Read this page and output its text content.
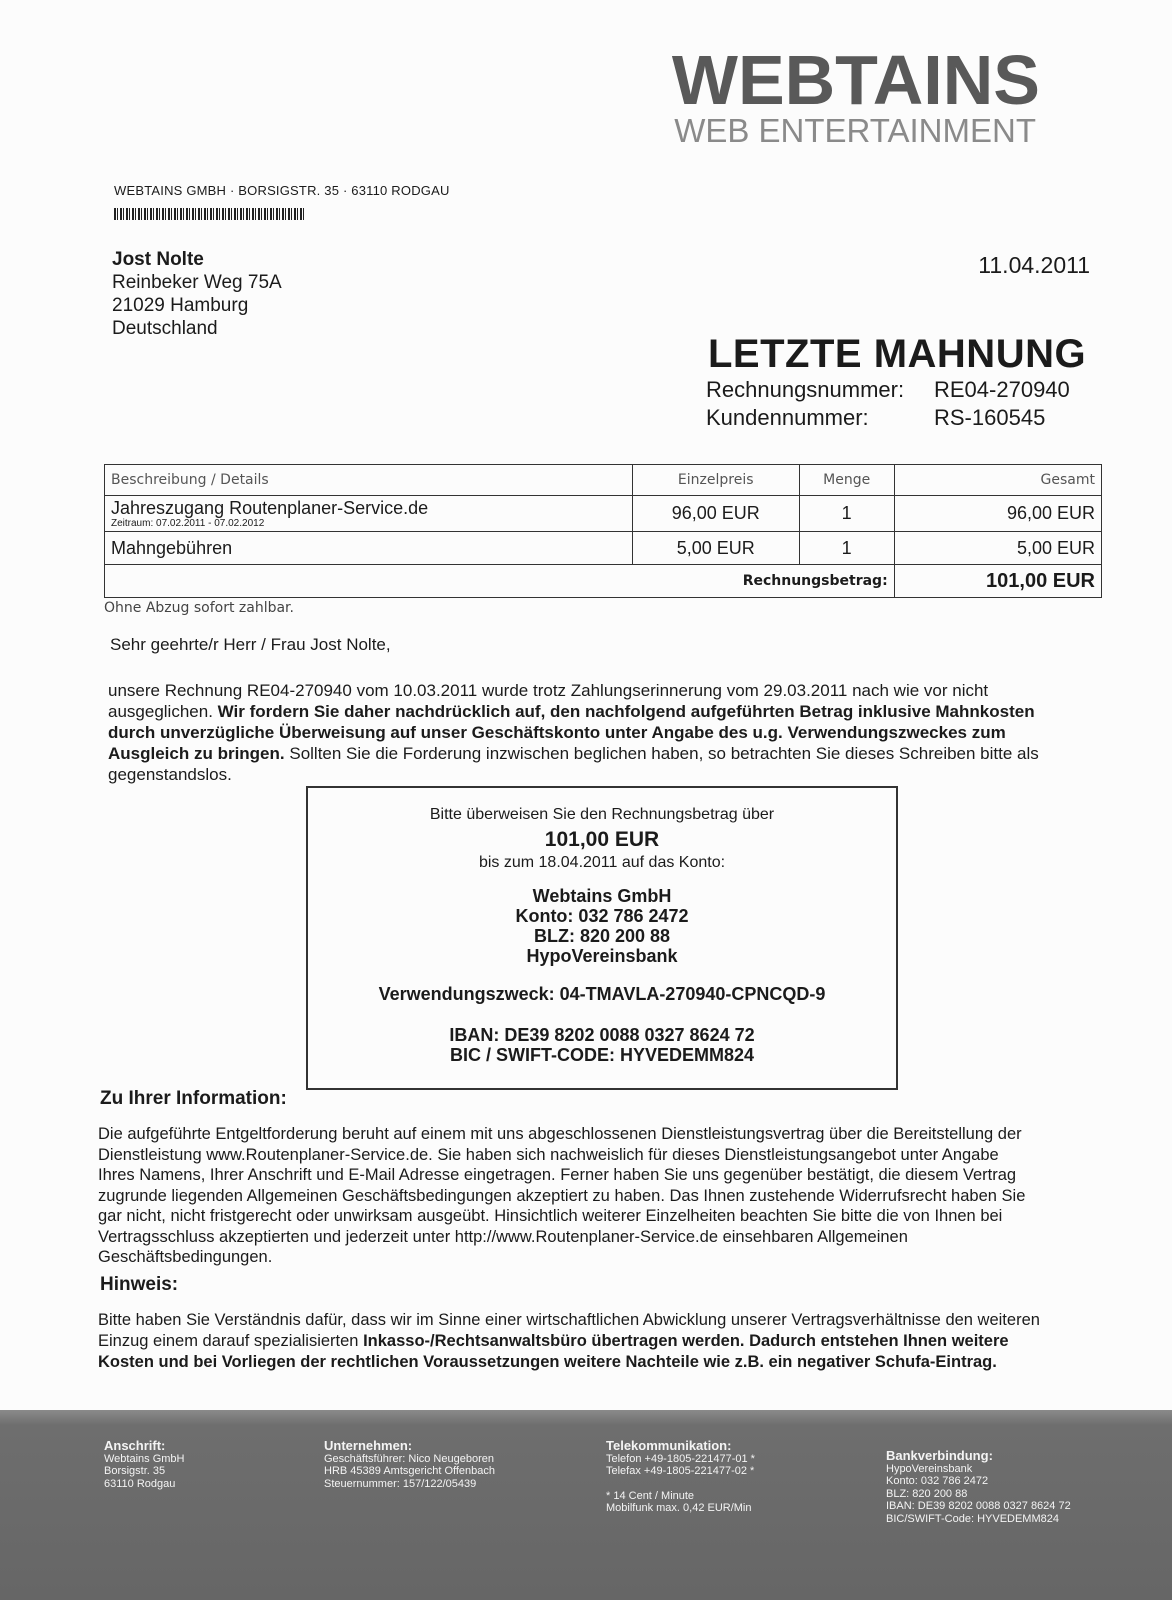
WEBTAINS
WEB ENTERTAINMENT
WEBTAINS GMBH · BORSIGSTR. 35 · 63110 RODGAU
Jost Nolte
Reinbeker Weg 75A
21029 Hamburg
Deutschland
11.04.2011
LETZTE MAHNUNG
Rechnungsnummer:	RE04-270940
Kundennummer:	RS-160545
Beschreibung / Details	Einzelpreis	Menge	Gesamt

Jahreszugang Routenplaner-Service.de
Zeitraum: 07.02.2011 - 07.02.2012	96,00 EUR	1	96,00 EUR
Mahngebühren	5,00 EUR	1	5,00 EUR
Rechnungsbetrag:			101,00 EUR
Ohne Abzug sofort zahlbar.
Sehr geehrte/r Herr / Frau Jost Nolte,
unsere Rechnung RE04-270940 vom 10.03.2011 wurde trotz Zahlungserinnerung vom 29.03.2011 nach wie vor nicht ausgeglichen. Wir fordern Sie daher nachdrücklich auf, den nachfolgend aufgeführten Betrag inklusive Mahnkosten durch unverzügliche Überweisung auf unser Geschäftskonto unter Angabe des u.g. Verwendungszweckes zum Ausgleich zu bringen. Sollten Sie die Forderung inzwischen beglichen haben, so betrachten Sie dieses Schreiben bitte als gegenstandslos.
Bitte überweisen Sie den Rechnungsbetrag über
101,00 EUR
bis zum 18.04.2011 auf das Konto:
Webtains GmbH
Konto: 032 786 2472
BLZ: 820 200 88
HypoVereinsbank
Verwendungszweck: 04-TMAVLA-270940-CPNCQD-9
IBAN: DE39 8202 0088 0327 8624 72
BIC / SWIFT-CODE: HYVEDEMM824
Zu Ihrer Information:
Die aufgeführte Entgeltforderung beruht auf einem mit uns abgeschlossenen Dienstleistungsvertrag über die Bereitstellung der Dienstleistung www.Routenplaner-Service.de. Sie haben sich nachweislich für dieses Dienstleistungsangebot unter Angabe Ihres Namens, Ihrer Anschrift und E-Mail Adresse eingetragen. Ferner haben Sie uns gegenüber bestätigt, die diesem Vertrag zugrunde liegenden Allgemeinen Geschäftsbedingungen akzeptiert zu haben. Das Ihnen zustehende Widerrufsrecht haben Sie gar nicht, nicht fristgerecht oder unwirksam ausgeübt. Hinsichtlich weiterer Einzelheiten beachten Sie bitte die von Ihnen bei Vertragsschluss akzeptierten und jederzeit unter http://www.Routenplaner-Service.de einsehbaren Allgemeinen Geschäftsbedingungen.
Hinweis:
Bitte haben Sie Verständnis dafür, dass wir im Sinne einer wirtschaftlichen Abwicklung unserer Vertragsverhältnisse den weiteren Einzug einem darauf spezialisierten Inkasso-/Rechtsanwaltsbüro übertragen werden. Dadurch entstehen Ihnen weitere Kosten und bei Vorliegen der rechtlichen Voraussetzungen weitere Nachteile wie z.B. ein negativer Schufa-Eintrag.
Anschrift:
Webtains GmbH
Borsigstr. 35
63110 Rodgau
Unternehmen:
Geschäftsführer: Nico Neugeboren
HRB 45389 Amtsgericht Offenbach
Steuernummer: 157/122/05439
Telekommunikation:
Telefon +49-1805-221477-01 *
Telefax +49-1805-221477-02 *
* 14 Cent / Minute
Mobilfunk max. 0,42 EUR/Min
Bankverbindung:
HypoVereinsbank
Konto: 032 786 2472
BLZ: 820 200 88
IBAN: DE39 8202 0088 0327 8624 72
BIC/SWIFT-Code: HYVEDEMM824
